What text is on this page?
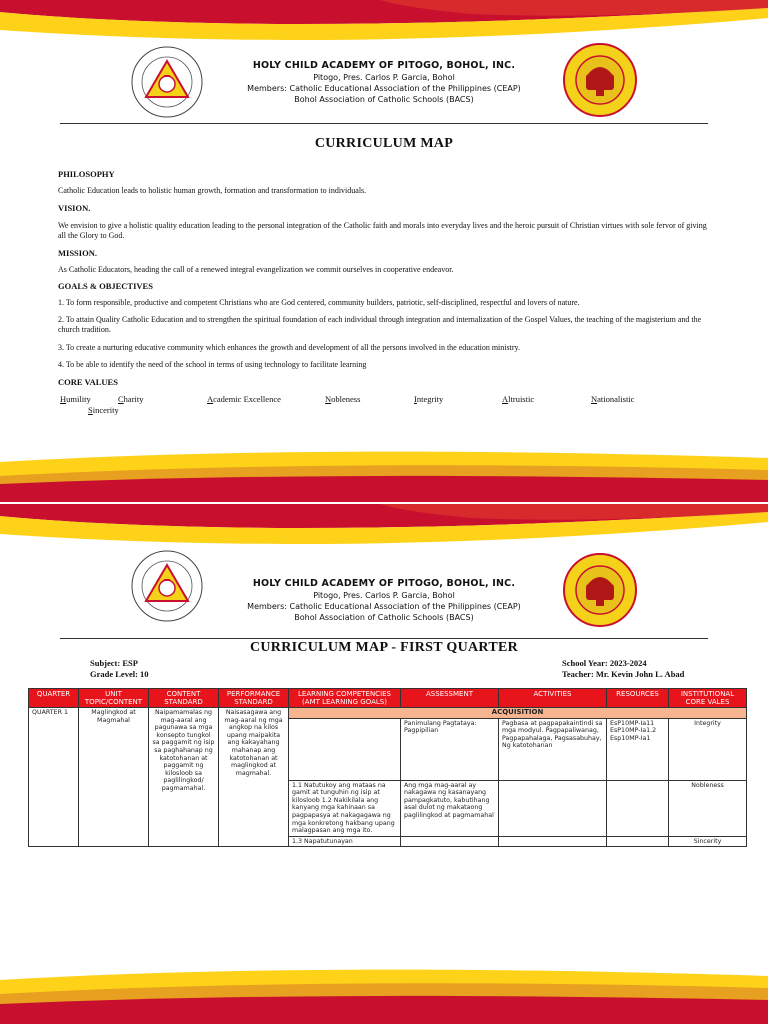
HOLY CHILD ACADEMY OF PITOGO, BOHOL, INC.
Pitogo, Pres. Carlos P. Garcia, Bohol
Members: Catholic Educational Association of the Philippines (CEAP)
Bohol Association of Catholic Schools (BACS)
CURRICULUM MAP
PHILOSOPHY
Catholic Education leads to holistic human growth, formation and transformation to individuals.
VISION.
We envision to give a holistic quality education leading to the personal integration of the Catholic faith and morals into everyday lives and the heroic pursuit of Christian virtues with sole fervor of giving all the Glory to God.
MISSION.
As Catholic Educators, heading the call of a renewed integral evangelization we commit ourselves in cooperative endeavor.
GOALS & OBJECTIVES
1. To form responsible, productive and competent Christians who are God centered, community builders, patriotic, self-disciplined, respectful and lovers of nature.
2. To attain Quality Catholic Education and to strengthen the spiritual foundation of each individual through integration and internalization of the Gospel Values, the teaching of the magisterium and the church tradition.
3. To create a nurturing educative community which enhances the growth and development of all the persons involved in the education ministry.
4. To be able to identify the need of the school in terms of using technology to facilitate learning
CORE VALUES
Humility	Charity	Academic Excellence	Nobleness	Integrity	Altruistic	Nationalistic
Sincerity
HOLY CHILD ACADEMY OF PITOGO, BOHOL, INC.
Pitogo, Pres. Carlos P. Garcia, Bohol
Members: Catholic Educational Association of the Philippines (CEAP)
Bohol Association of Catholic Schools (BACS)
CURRICULUM MAP - FIRST QUARTER
Subject: ESP
Grade Level: 10
School Year: 2023-2024
Teacher: Mr. Kevin John L. Abad
QUARTER	UNIT TOPIC/CONTENT	CONTENT STANDARD	PERFORMANCE STANDARD	LEARNING COMPETENCIES (AMT LEARNING GOALS)	ASSESSMENT	ACTIVITIES	RESOURCES	INSTITUTIONAL CORE VALES
QUARTER 1	Maglingkod at Magmahal	Naipamamalas ng mag-aaral ang pagunawa sa mga konsepto tungkol sa paggamit ng isip sa paghahanap ng katotohanan at paggamit ng kilosloob sa paglilingkod/ pagmamahal.	Naisasagawa ang mag-aaral ng mga angkop na kilos upang maipakita ang kakayahang mahanap ang katotohanan at maglingkod at magmahal.	ACQUISITION				
					Panimulang Pagtataya: Pagpipilian	Pagbasa at pagpapakaintindi sa mga modyul. Pagpapaliwanag, Pagpapahalaga, Pagsasabuhay, Ng katotohanan	EsP10MP-Ia11 EsP10MP-Ia1.2 Esp10MP-Ia1	Integrity
				1.1 Natutukoy ang mataas na gamit at tunguhin ng isip at kilosloob 1.2 Nakikilala ang kanyang mga kahinaan sa pagpapasya at nakagagawa ng mga konkretong hakbang upang malagpasan ang mga ito.	Ang mga mag-aaral ay nakagawa ng kasanayang pampagkatuto, kabutihang asal dulot ng makataong paglilingkod at pagmamahal			Nobleness
				1.3 Napatutunayan				Sincerity
